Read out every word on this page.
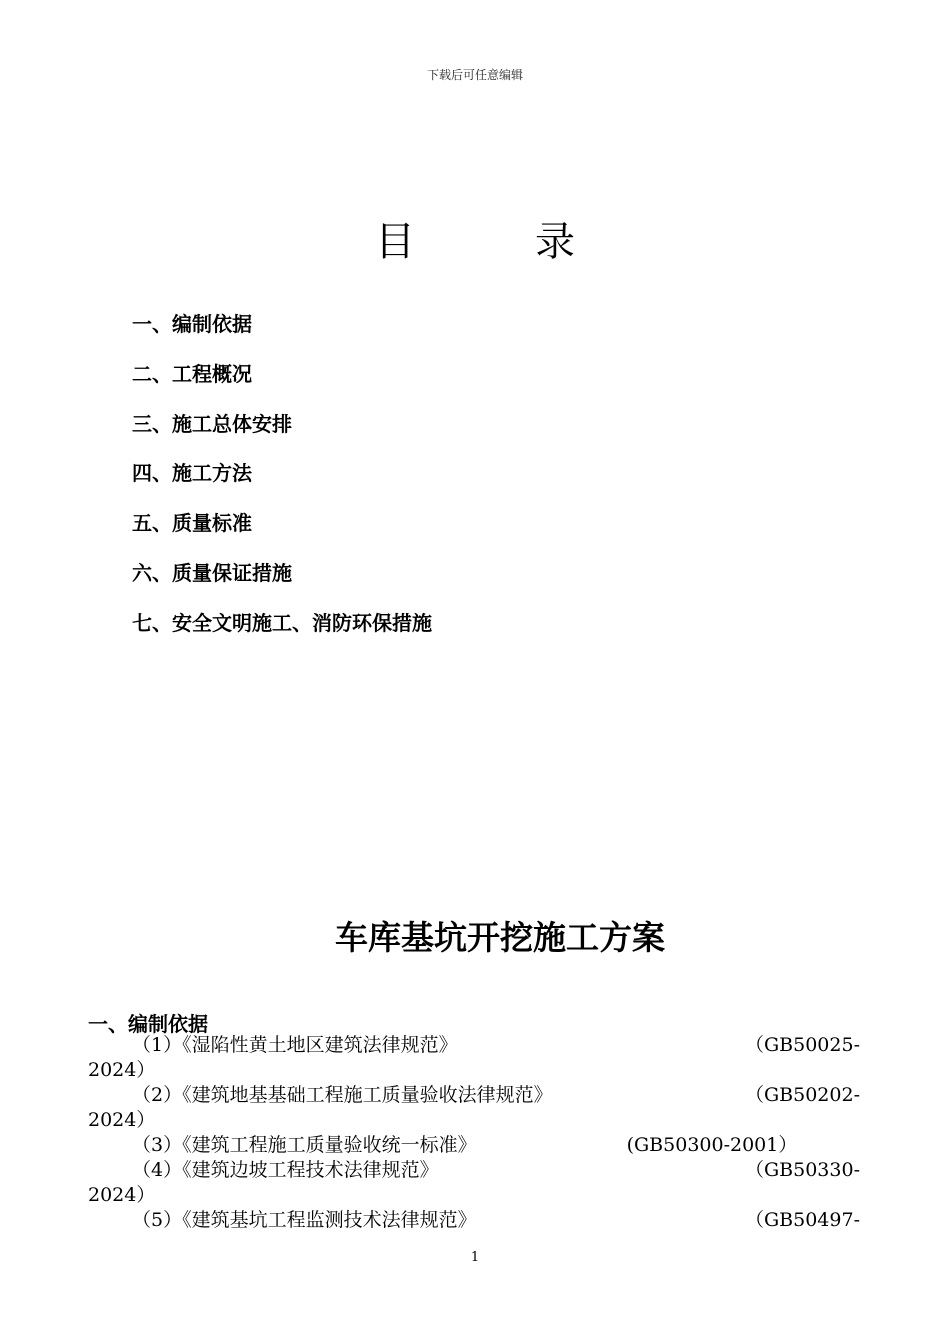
下载后可任意编辑
目	录
一、编制依据
二、工程概况
三、施工总体安排
四、施工方法
五、质量标准
六、质量保证措施
七、安全文明施工、消防环保措施
车库基坑开挖施工方案
一、编制依据
（1）《湿陷性黄土地区建筑法律规范》	（GB50025-
2024）
（2）《建筑地基基础工程施工质量验收法律规范》	（GB50202-
2024）
（3）《建筑工程施工质量验收统一标准》	(GB50300-2001）
（4）《建筑边坡工程技术法律规范》	（GB50330-
2024）
（5）《建筑基坑工程监测技术法律规范》	（GB50497-
1
